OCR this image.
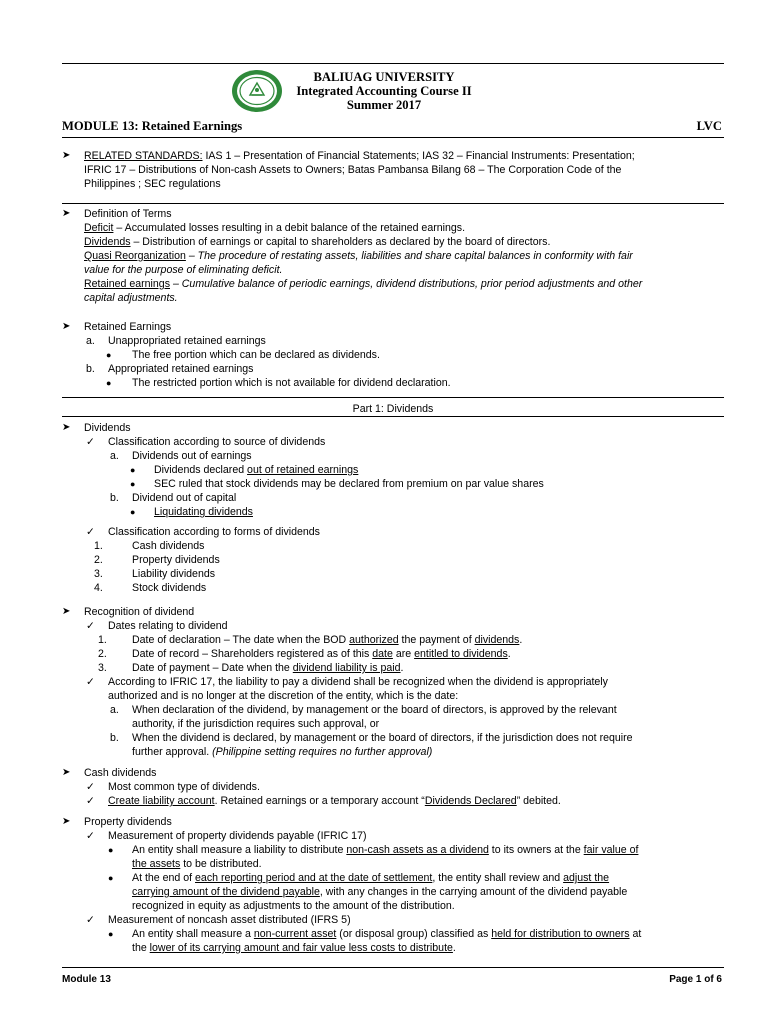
BALIUAG UNIVERSITY
Integrated Accounting Course II
Summer 2017
MODULE 13: Retained Earnings	LVC
➤ RELATED STANDARDS: IAS 1 – Presentation of Financial Statements; IAS 32 – Financial Instruments: Presentation;
IFRIC 17 – Distributions of Non-cash Assets to Owners; Batas Pambansa Bilang 68 – The Corporation Code of the
Philippines ; SEC regulations
➤ Definition of Terms
Deficit – Accumulated losses resulting in a debit balance of the retained earnings.
Dividends – Distribution of earnings or capital to shareholders as declared by the board of directors.
Quasi Reorganization – The procedure of restating assets, liabilities and share capital balances in conformity with fair
value for the purpose of eliminating deficit.
Retained earnings – Cumulative balance of periodic earnings, dividend distributions, prior period adjustments and other
capital adjustments.
➤ Retained Earnings
a. Unappropriated retained earnings
● The free portion which can be declared as dividends.
b. Appropriated retained earnings
● The restricted portion which is not available for dividend declaration.
Part 1: Dividends
➤ Dividends
✓ Classification according to source of dividends
a. Dividends out of earnings
● Dividends declared out of retained earnings
● SEC ruled that stock dividends may be declared from premium on par value shares
b. Dividend out of capital
● Liquidating dividends
✓ Classification according to forms of dividends
1.	Cash dividends
2.	Property dividends
3.	Liability dividends
4.	Stock dividends
➤ Recognition of dividend
✓ Dates relating to dividend
1. Date of declaration – The date when the BOD authorized the payment of dividends.
2. Date of record – Shareholders registered as of this date are entitled to dividends.
3. Date of payment – Date when the dividend liability is paid.
✓ According to IFRIC 17, the liability to pay a dividend shall be recognized when the dividend is appropriately
authorized and is no longer at the discretion of the entity, which is the date:
a. When declaration of the dividend, by management or the board of directors, is approved by the relevant
authority, if the jurisdiction requires such approval, or
b. When the dividend is declared, by management or the board of directors, if the jurisdiction does not require
further approval. (Philippine setting requires no further approval)
➤ Cash dividends
✓ Most common type of dividends.
✓ Create liability account. Retained earnings or a temporary account “Dividends Declared” debited.
➤ Property dividends
✓ Measurement of property dividends payable (IFRIC 17)
● An entity shall measure a liability to distribute non-cash assets as a dividend to its owners at the fair value of
the assets to be distributed.
● At the end of each reporting period and at the date of settlement, the entity shall review and adjust the
carrying amount of the dividend payable, with any changes in the carrying amount of the dividend payable
recognized in equity as adjustments to the amount of the distribution.
✓ Measurement of noncash asset distributed (IFRS 5)
● An entity shall measure a non-current asset (or disposal group) classified as held for distribution to owners at
the lower of its carrying amount and fair value less costs to distribute.
Module 13	Page 1 of 6
